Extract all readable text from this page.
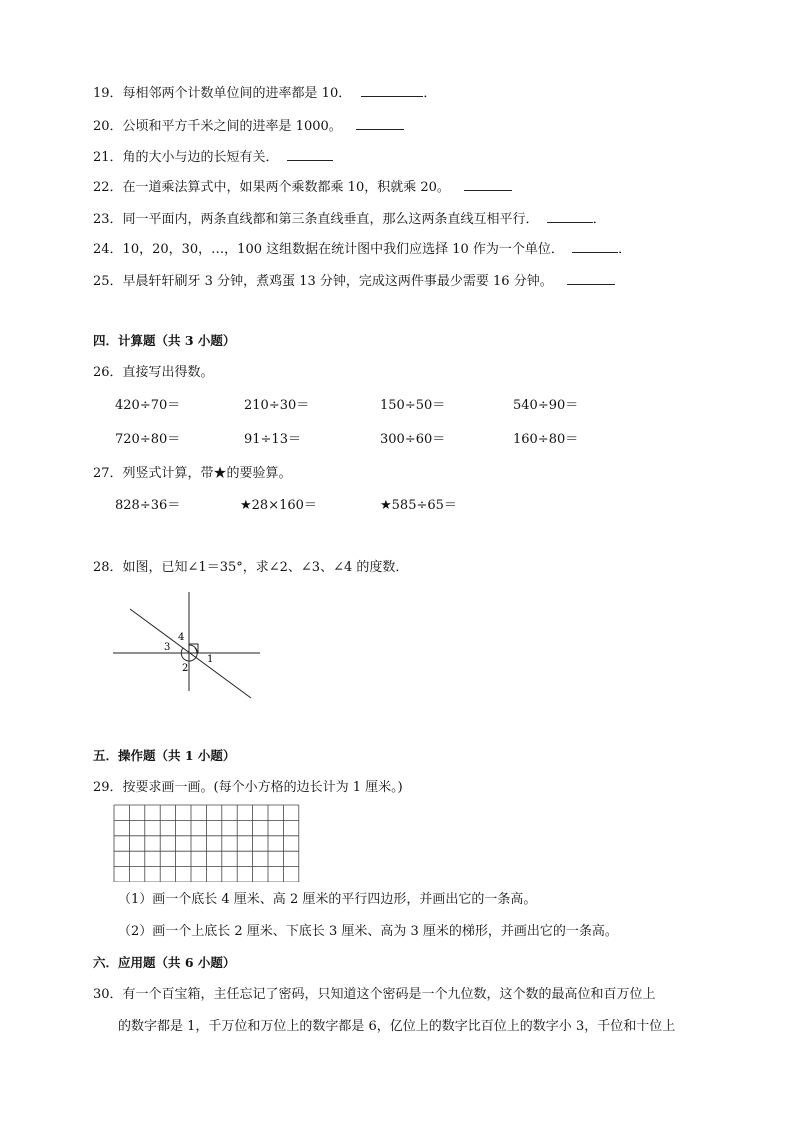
19．每相邻两个计数单位间的进率都是 10．	．
20．公顷和平方千米之间的进率是 1000。
21．角的大小与边的长短有关．
22．在一道乘法算式中，如果两个乘数都乘 10，积就乘 20。
23．同一平面内，两条直线都和第三条直线垂直，那么这两条直线互相平行．	．
24．10，20，30，…，100 这组数据在统计图中我们应选择 10 作为一个单位．	．
25．早晨轩轩刷牙 3 分钟，煮鸡蛋 13 分钟，完成这两件事最少需要 16 分钟。
四．计算题（共 3 小题）
26．直接写出得数。
420÷70＝	210÷30＝	150÷50＝	540÷90＝
720÷80＝	91÷13＝	300÷60＝	160÷80＝
27．列竖式计算，带★的要验算。
828÷36＝	★28×160＝	★585÷65＝
28．如图，已知∠1＝35°，求∠2、∠3、∠4 的度数．
4
3
1
2
五．操作题（共 1 小题）
29．按要求画一画。(每个小方格的边长计为 1 厘米。)
（1）画一个底长 4 厘米、高 2 厘米的平行四边形，并画出它的一条高。
（2）画一个上底长 2 厘米、下底长 3 厘米、高为 3 厘米的梯形，并画出它的一条高。
六．应用题（共 6 小题）
30．有一个百宝箱，主任忘记了密码，只知道这个密码是一个九位数，这个数的最高位和百万位上
的数字都是 1，千万位和万位上的数字都是 6，亿位上的数字比百位上的数字小 3，千位和十位上
